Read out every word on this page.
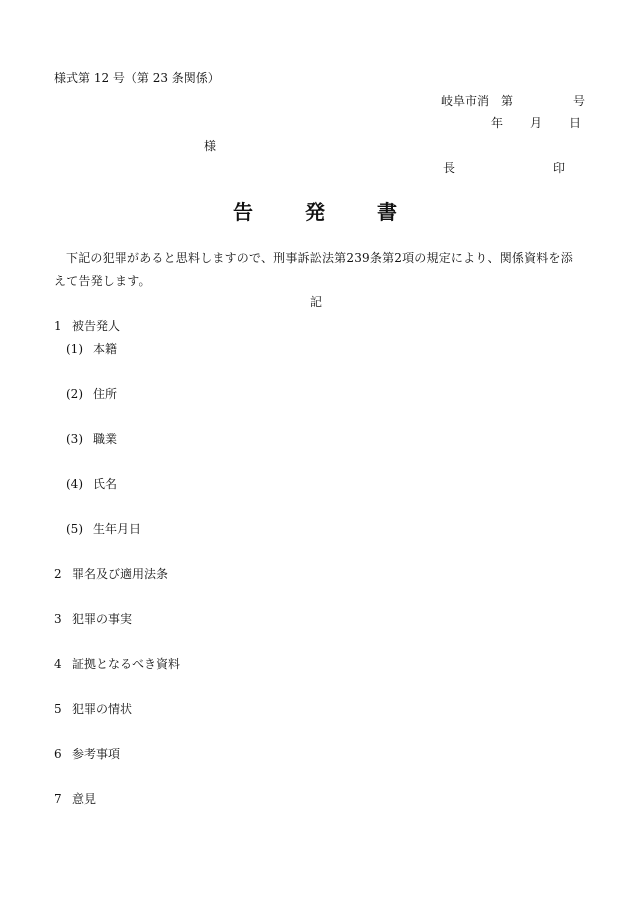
様式第 12 号（第 23 条関係）
岐阜市消　第　　　　　号
年　　月　　日
様
長	印
告	発	書
下記の犯罪があると思料しますので、刑事訴訟法第239条第2項の規定により、関係資料を添えて告発します。
記
1 被告発人
(1) 本籍
(2) 住所
(3) 職業
(4) 氏名
(5) 生年月日
2 罪名及び適用法条
3 犯罪の事実
4 証拠となるべき資料
5 犯罪の情状
6 参考事項
7 意見
